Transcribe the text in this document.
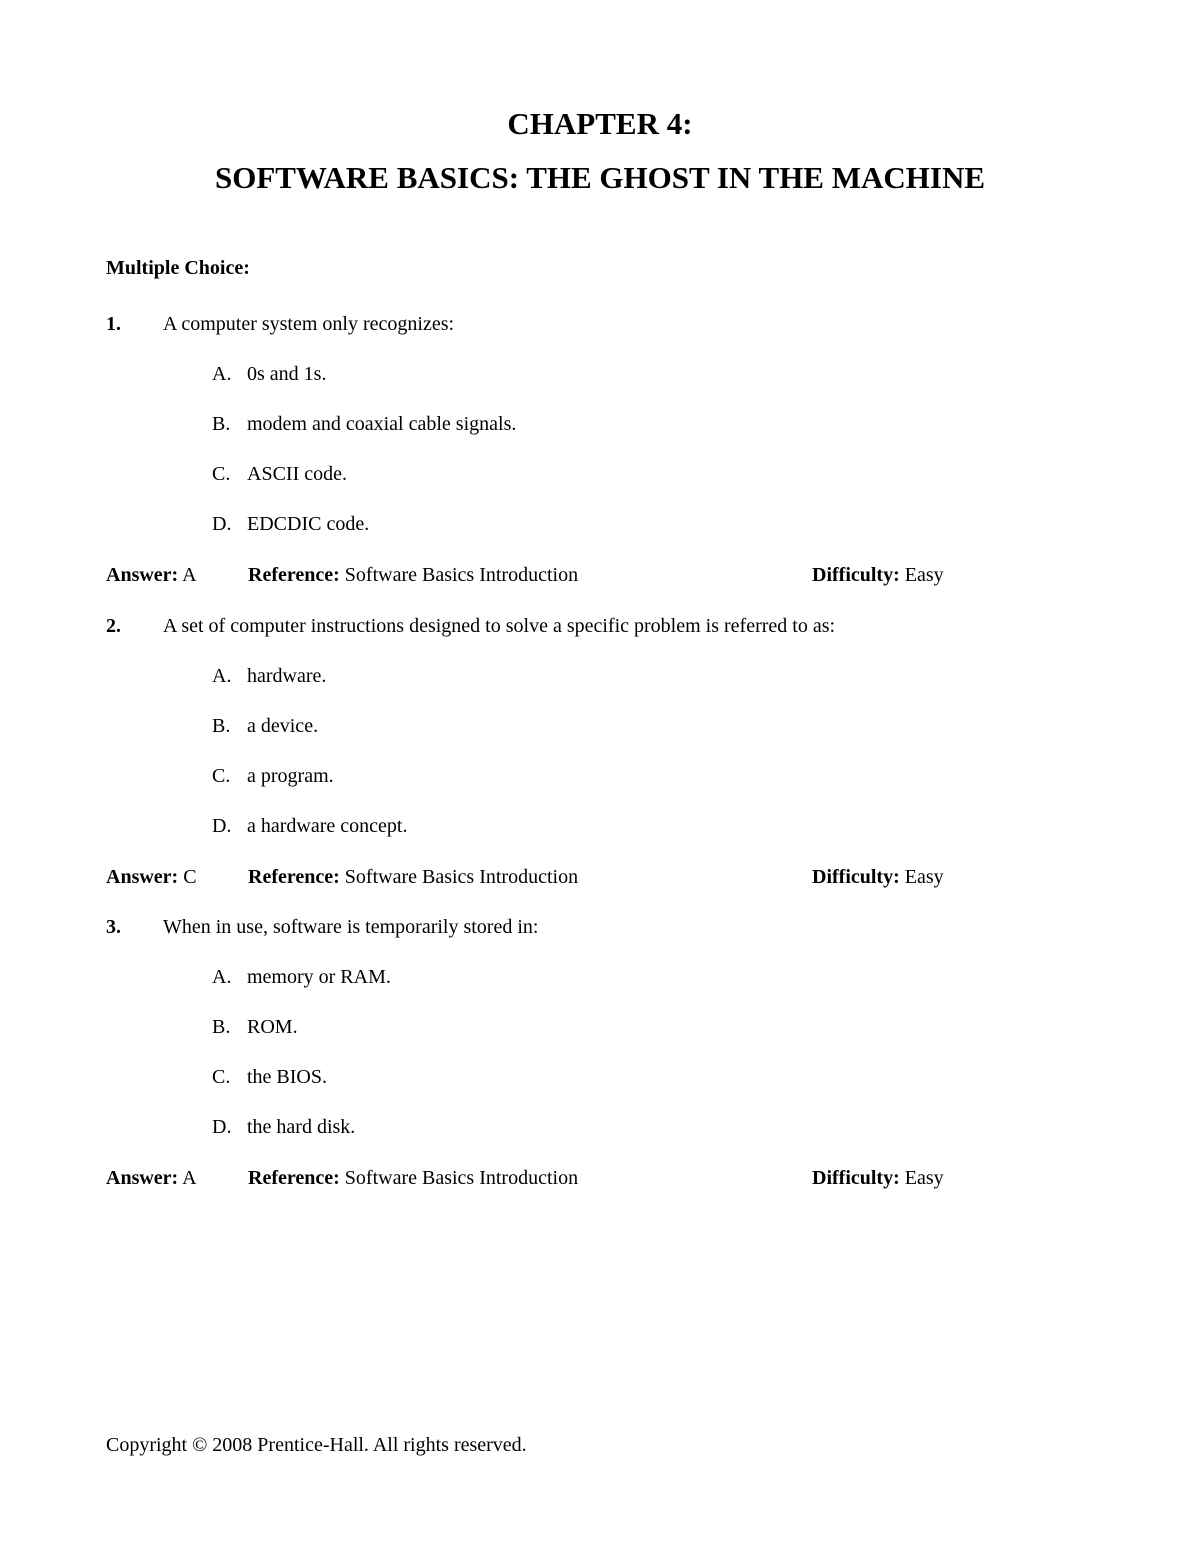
CHAPTER 4:
SOFTWARE BASICS: THE GHOST IN THE MACHINE
Multiple Choice:
1. A computer system only recognizes:
A. 0s and 1s.
B. modem and coaxial cable signals.
C. ASCII code.
D. EDCDIC code.
Answer: A	Reference: Software Basics Introduction	Difficulty: Easy
2. A set of computer instructions designed to solve a specific problem is referred to as:
A. hardware.
B. a device.
C. a program.
D. a hardware concept.
Answer: C	Reference: Software Basics Introduction	Difficulty: Easy
3. When in use, software is temporarily stored in:
A. memory or RAM.
B. ROM.
C. the BIOS.
D. the hard disk.
Answer: A	Reference: Software Basics Introduction	Difficulty: Easy
Copyright © 2008 Prentice-Hall. All rights reserved.
